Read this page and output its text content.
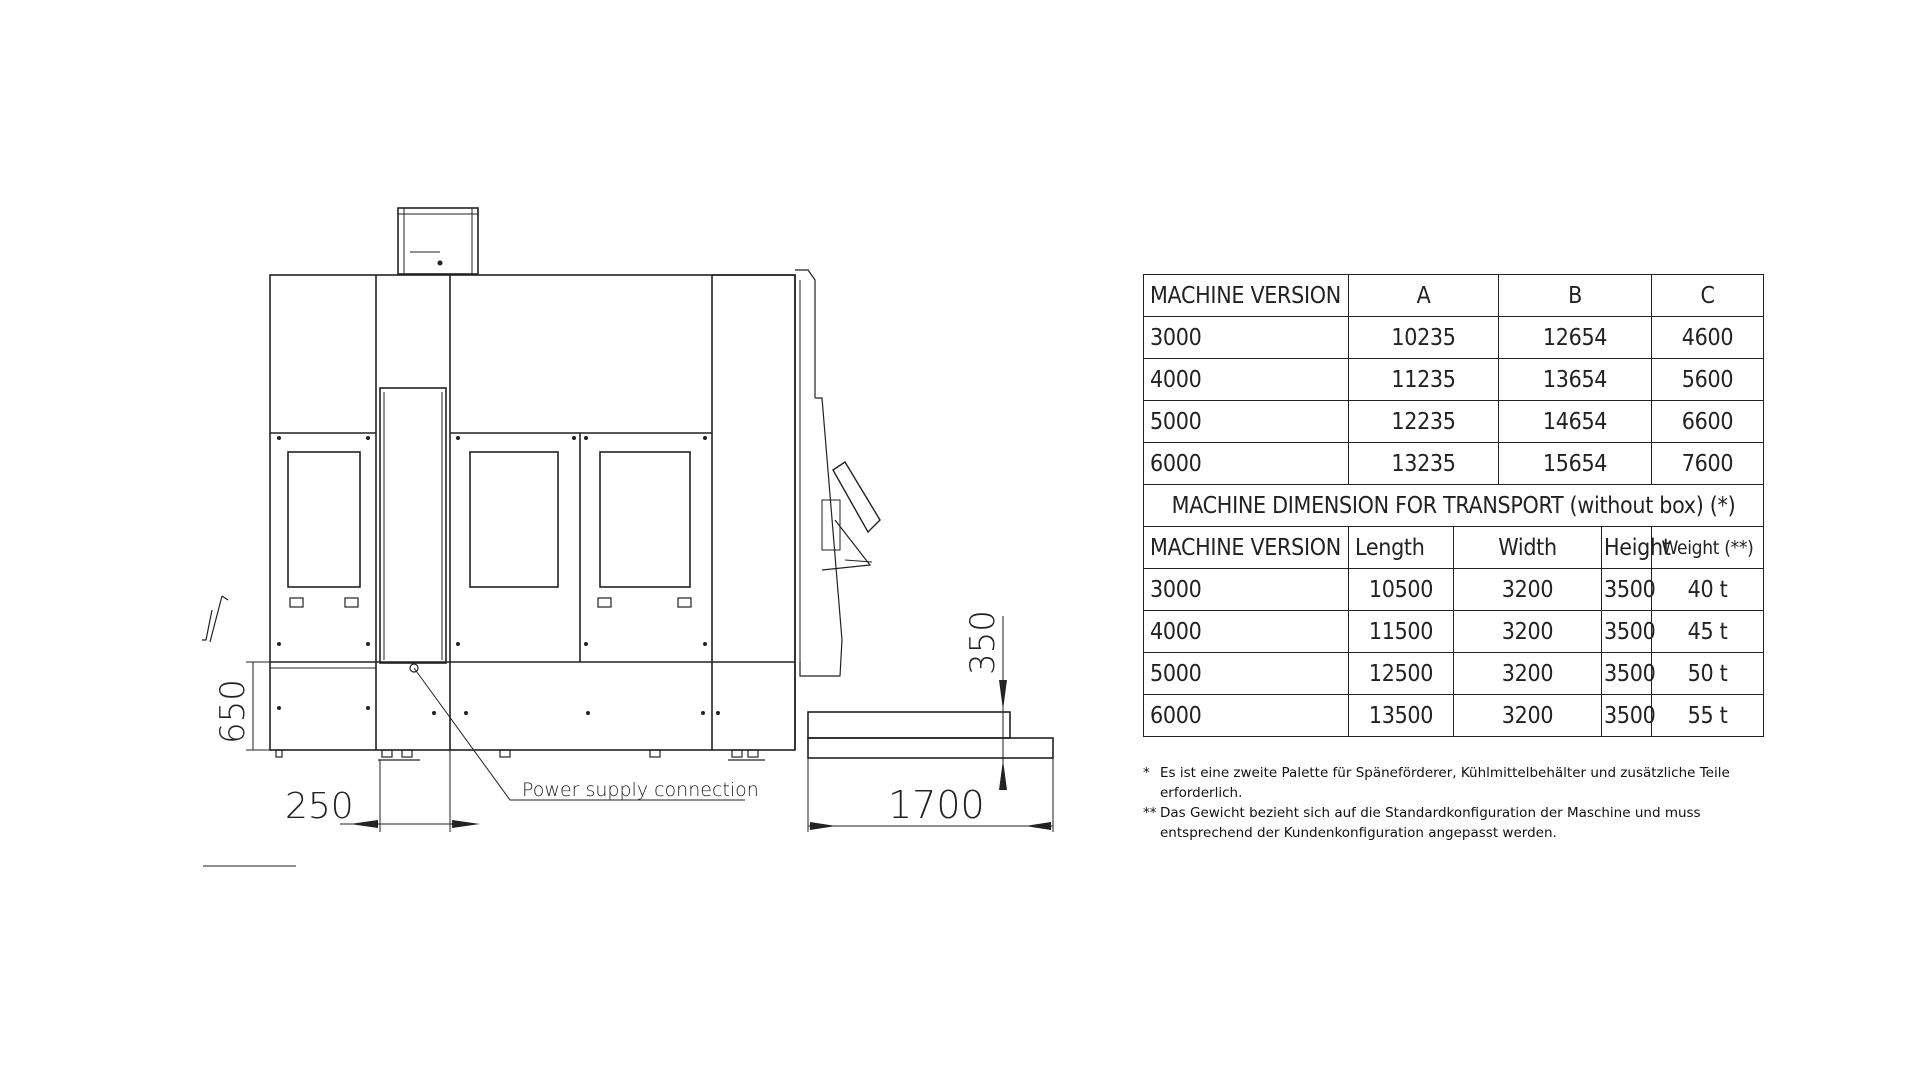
650
250
350
1700
Power supply connection
MACHINE VERSION	A		B		C
3000	10235		12654		4600
4000	11235		13654		5600
5000	12235		14654		6600
6000	13235		15654		7600
MACHINE DIMENSION FOR TRANSPORT (without box) (*)					
MACHINE VERSION	Length	Width		Height	Weight (**)
3000	10500	3200		3500	40 t
4000	11500	3200		3500	45 t
5000	12500	3200		3500	50 t
6000	13500	3200		3500	55 t
* Es ist eine zweite Palette für Späneförderer, Kühlmittelbehälter und zusätzliche Teile erforderlich.
** Das Gewicht bezieht sich auf die Standardkonfiguration der Maschine und muss entsprechend der Kundenkonfiguration angepasst werden.
